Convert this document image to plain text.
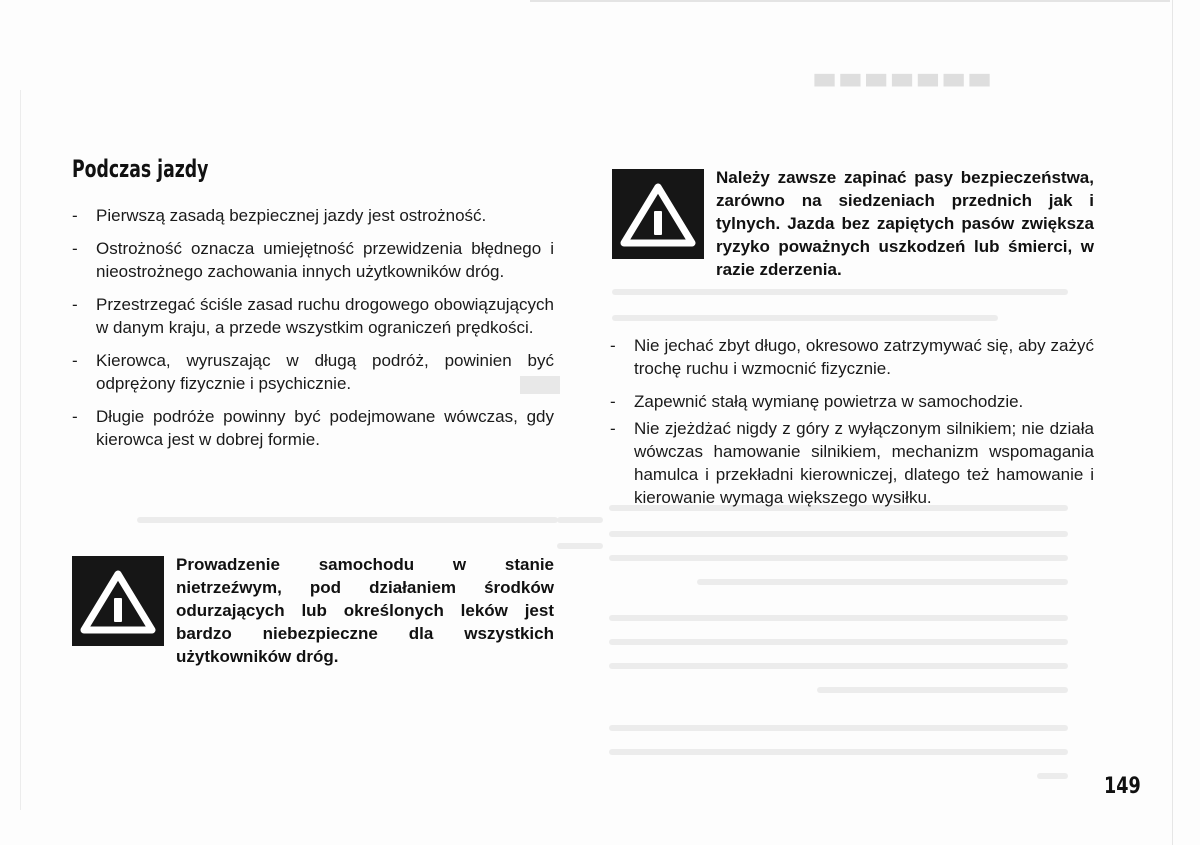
▬▬▬▬▬▬▬
Podczas jazdy
-	Pierwszą zasadą bezpiecznej jazdy jest ostrożność.
-	Ostrożność oznacza umiejętność przewidzenia błędnego i nieostrożnego zachowania innych użytkowników dróg.
-	Przestrzegać ściśle zasad ruchu drogowego obowiązujących w danym kraju, a przede wszystkim ograniczeń prędkości.
-	Kierowca, wyruszając w długą podróż, powinien być odprężony fizycznie i psychicznie.
-	Długie podróże powinny być podejmowane wówczas, gdy kierowca jest w dobrej formie.
Prowadzenie samochodu w stanie nietrzeźwym, pod działaniem środków odurzających lub określonych leków jest bardzo niebezpieczne dla wszystkich użytkowników dróg.
Należy zawsze zapinać pasy bezpieczeństwa, zarówno na siedzeniach przednich jak i tylnych. Jazda bez zapiętych pasów zwiększa ryzyko poważnych uszkodzeń lub śmierci, w razie zderzenia.
-	Nie jechać zbyt długo, okresowo zatrzymywać się, aby zażyć trochę ruchu i wzmocnić fizycznie.
-	Zapewnić stałą wymianę powietrza w samochodzie.
-	Nie zjeżdżać nigdy z góry z wyłączonym silnikiem; nie działa wówczas hamowanie silnikiem, mechanizm wspomagania hamulca i przekładni kierowniczej, dlatego też hamowanie i kierowanie wymaga większego wysiłku.
149
